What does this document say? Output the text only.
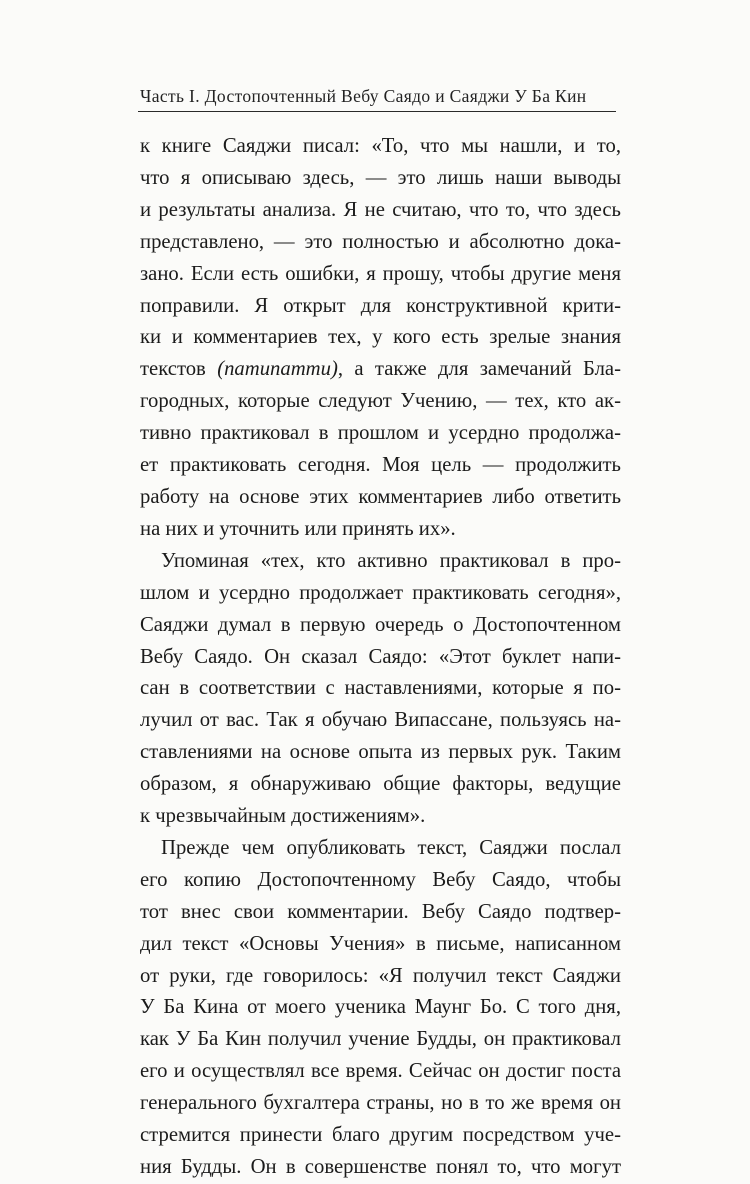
Часть I. Достопочтенный Вебу Саядо и Саяджи У Ба Кин
к книге Саяджи писал: «То, что мы нашли, и то,
что я описываю здесь, — это лишь наши выводы
и результаты анализа. Я не считаю, что то, что здесь
представлено, — это полностью и абсолютно дока-
зано. Если есть ошибки, я прошу, чтобы другие меня
поправили. Я открыт для конструктивной крити-
ки и комментариев тех, у кого есть зрелые знания
текстов (патипатти), а также для замечаний Бла-
городных, которые следуют Учению, — тех, кто ак-
тивно практиковал в прошлом и усердно продолжа-
ет практиковать сегодня. Моя цель — продолжить
работу на основе этих комментариев либо ответить
на них и уточнить или принять их».
Упоминая «тех, кто активно практиковал в про-
шлом и усердно продолжает практиковать сегодня»,
Саяджи думал в первую очередь о Достопочтенном
Вебу Саядо. Он сказал Саядо: «Этот буклет напи-
сан в соответствии с наставлениями, которые я по-
лучил от вас. Так я обучаю Випассане, пользуясь на-
ставлениями на основе опыта из первых рук. Таким
образом, я обнаруживаю общие факторы, ведущие
к чрезвычайным достижениям».
Прежде чем опубликовать текст, Саяджи послал
его копию Достопочтенному Вебу Саядо, чтобы
тот внес свои комментарии. Вебу Саядо подтвер-
дил текст «Основы Учения» в письме, написанном
от руки, где говорилось: «Я получил текст Саяджи
У Ба Кина от моего ученика Маунг Бо. С того дня,
как У Ба Кин получил учение Будды, он практиковал
его и осуществлял все время. Сейчас он достиг поста
генерального бухгалтера страны, но в то же время он
стремится принести благо другим посредством уче-
ния Будды. Он в совершенстве понял то, что могут
